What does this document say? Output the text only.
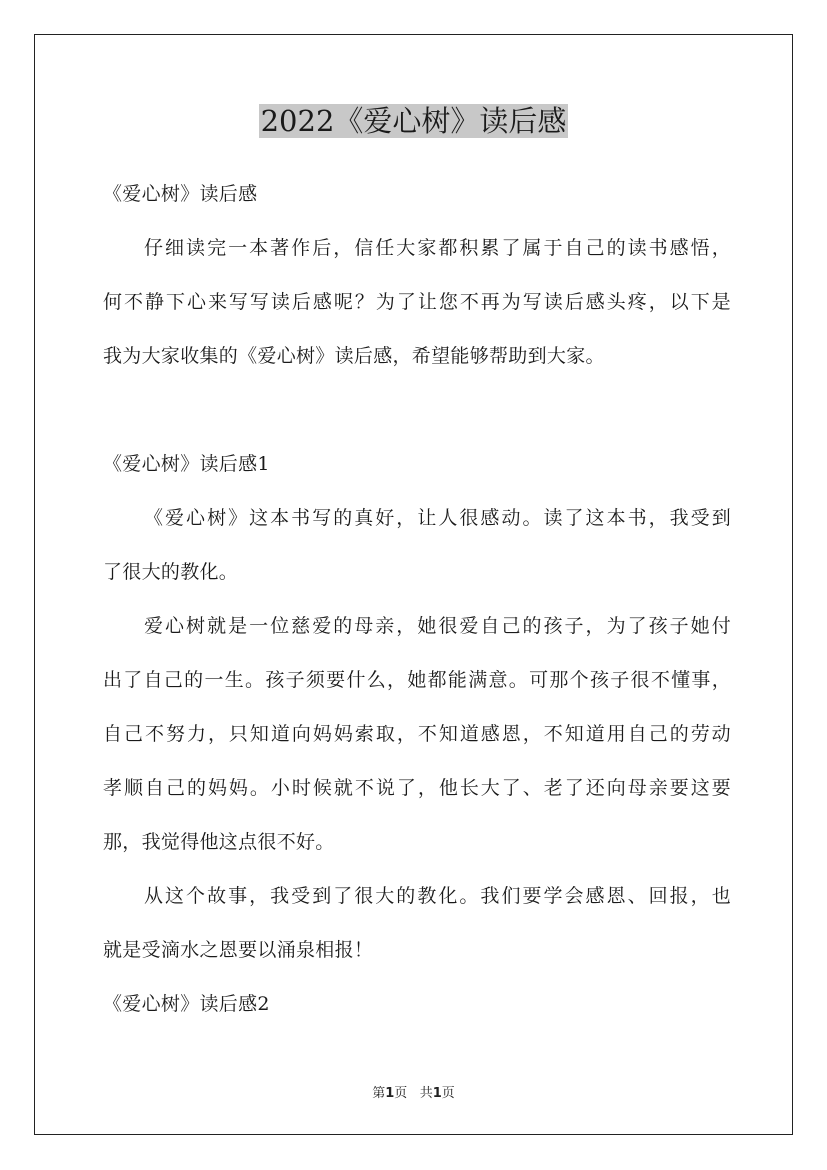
2022《爱心树》读后感
《爱心树》读后感
仔细读完一本著作后，信任大家都积累了属于自己的读书感悟，
何不静下心来写写读后感呢？为了让您不再为写读后感头疼，以下是
我为大家收集的《爱心树》读后感，希望能够帮助到大家。
《爱心树》读后感1
《爱心树》这本书写的真好，让人很感动。读了这本书，我受到
了很大的教化。
爱心树就是一位慈爱的母亲，她很爱自己的孩子，为了孩子她付
出了自己的一生。孩子须要什么，她都能满意。可那个孩子很不懂事，
自己不努力，只知道向妈妈索取，不知道感恩，不知道用自己的劳动
孝顺自己的妈妈。小时候就不说了，他长大了、老了还向母亲要这要
那，我觉得他这点很不好。
从这个故事，我受到了很大的教化。我们要学会感恩、回报，也
就是受滴水之恩要以涌泉相报！
《爱心树》读后感2
第1页 共1页
